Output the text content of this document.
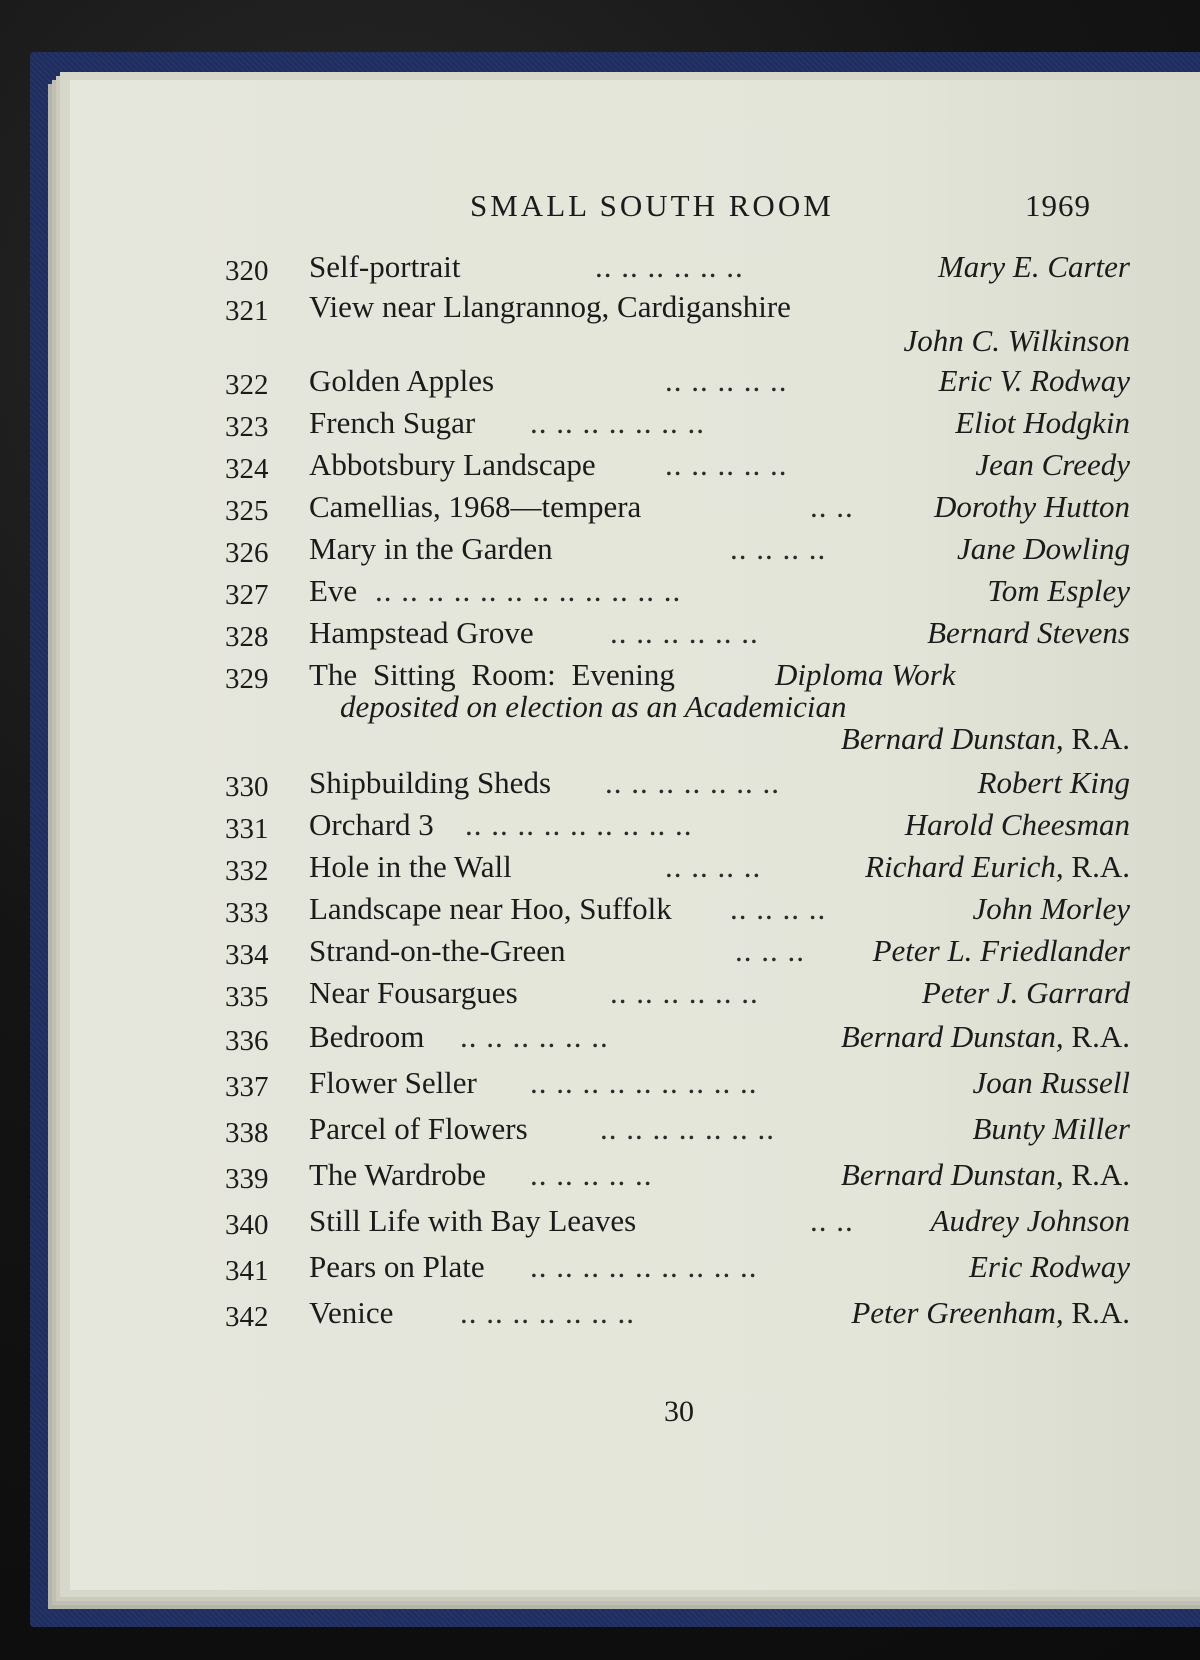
SMALL SOUTH ROOM	1969
320	Self-portrait	.. .. .. .. .. ..	Mary E. Carter
321	View near Llangrannog, Cardiganshire
John C. Wilkinson
322	Golden Apples	.. .. .. .. ..	Eric V. Rodway
323	French Sugar .. .. .. .. .. .. ..	Eliot Hodgkin
324	Abbotsbury Landscape .. .. .. .. ..	Jean Creedy
325	Camellias, 1968—tempera	.. ..	Dorothy Hutton
326	Mary in the Garden	.. .. .. ..	Jane Dowling
327	Eve .. .. .. .. .. .. .. .. .. .. .. ..	Tom Espley
328	Hampstead Grove .. .. .. .. .. ..	Bernard Stevens
329	The Sitting Room: Evening	Diploma Work
deposited on election as an Academician
Bernard Dunstan, R.A.
330	Shipbuilding Sheds .. .. .. .. .. .. ..	Robert King
331	Orchard 3 .. .. .. .. .. .. .. .. ..	Harold Cheesman
332	Hole in the Wall	.. .. .. ..	Richard Eurich, R.A.
333	Landscape near Hoo, Suffolk .. .. .. ..	John Morley
334	Strand-on-the-Green	.. .. .. Peter L. Friedlander
335	Near Fousargues	.. .. .. .. .. ..	Peter J. Garrard
336	Bedroom .. .. .. .. .. ..	Bernard Dunstan, R.A.
337	Flower Seller .. .. .. .. .. .. .. .. ..	Joan Russell
338	Parcel of Flowers .. .. .. .. .. .. ..	Bunty Miller
339	The Wardrobe .. .. .. .. ..	Bernard Dunstan, R.A.
340	Still Life with Bay Leaves	.. .. Audrey Johnson
341	Pears on Plate .. .. .. .. .. .. .. .. ..	Eric Rodway
342	Venice .. .. .. .. .. .. ..	Peter Greenham, R.A.
30
